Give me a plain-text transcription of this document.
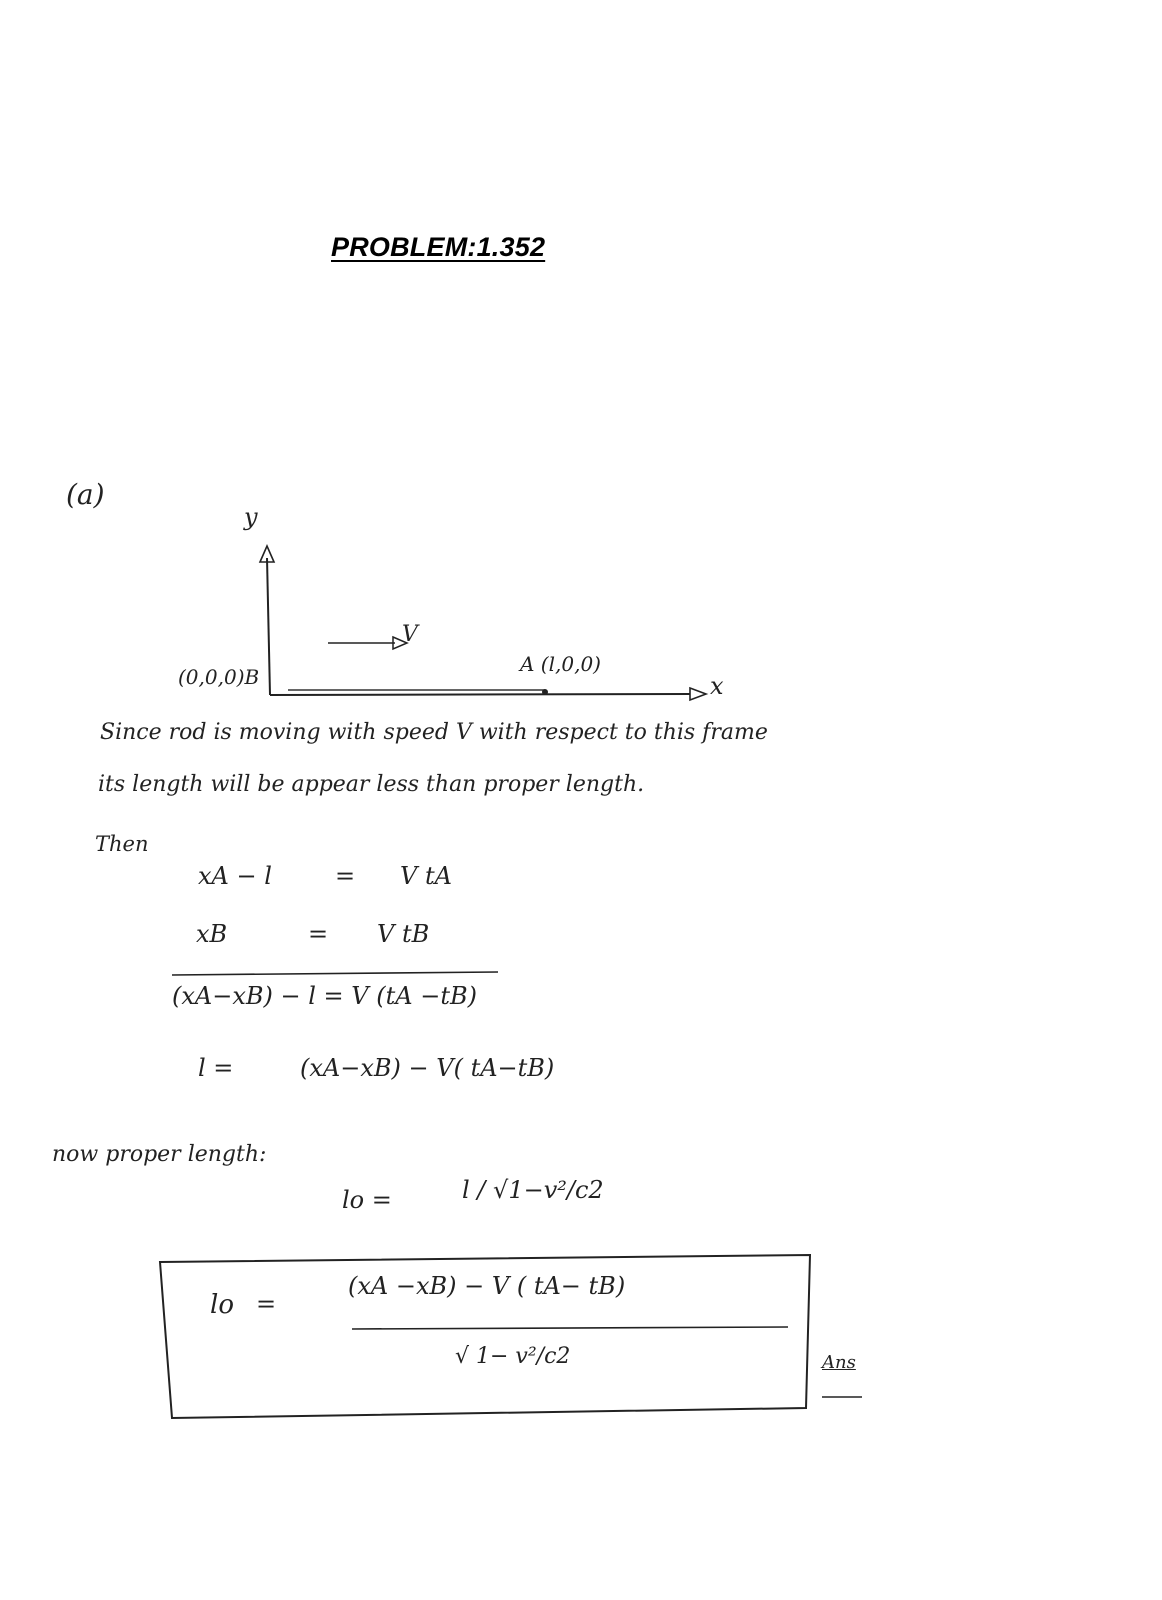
PROBLEM:1.352
(a)
y
x
V
(0,0,0)B
A (l,0,0)
Since rod is moving with speed V with respect to this frame
its length will be appear less than proper length.
Then
xA − l	= V tA
xB	= V tB
(xA−xB) − l = V (tA −tB)
l =	(xA−xB) − V( tA−tB)
now proper length:
lo =	l / √1−v²/c2
lo =
(xA −xB) − V ( tA− tB)
√ 1− v²/c2	Ans
